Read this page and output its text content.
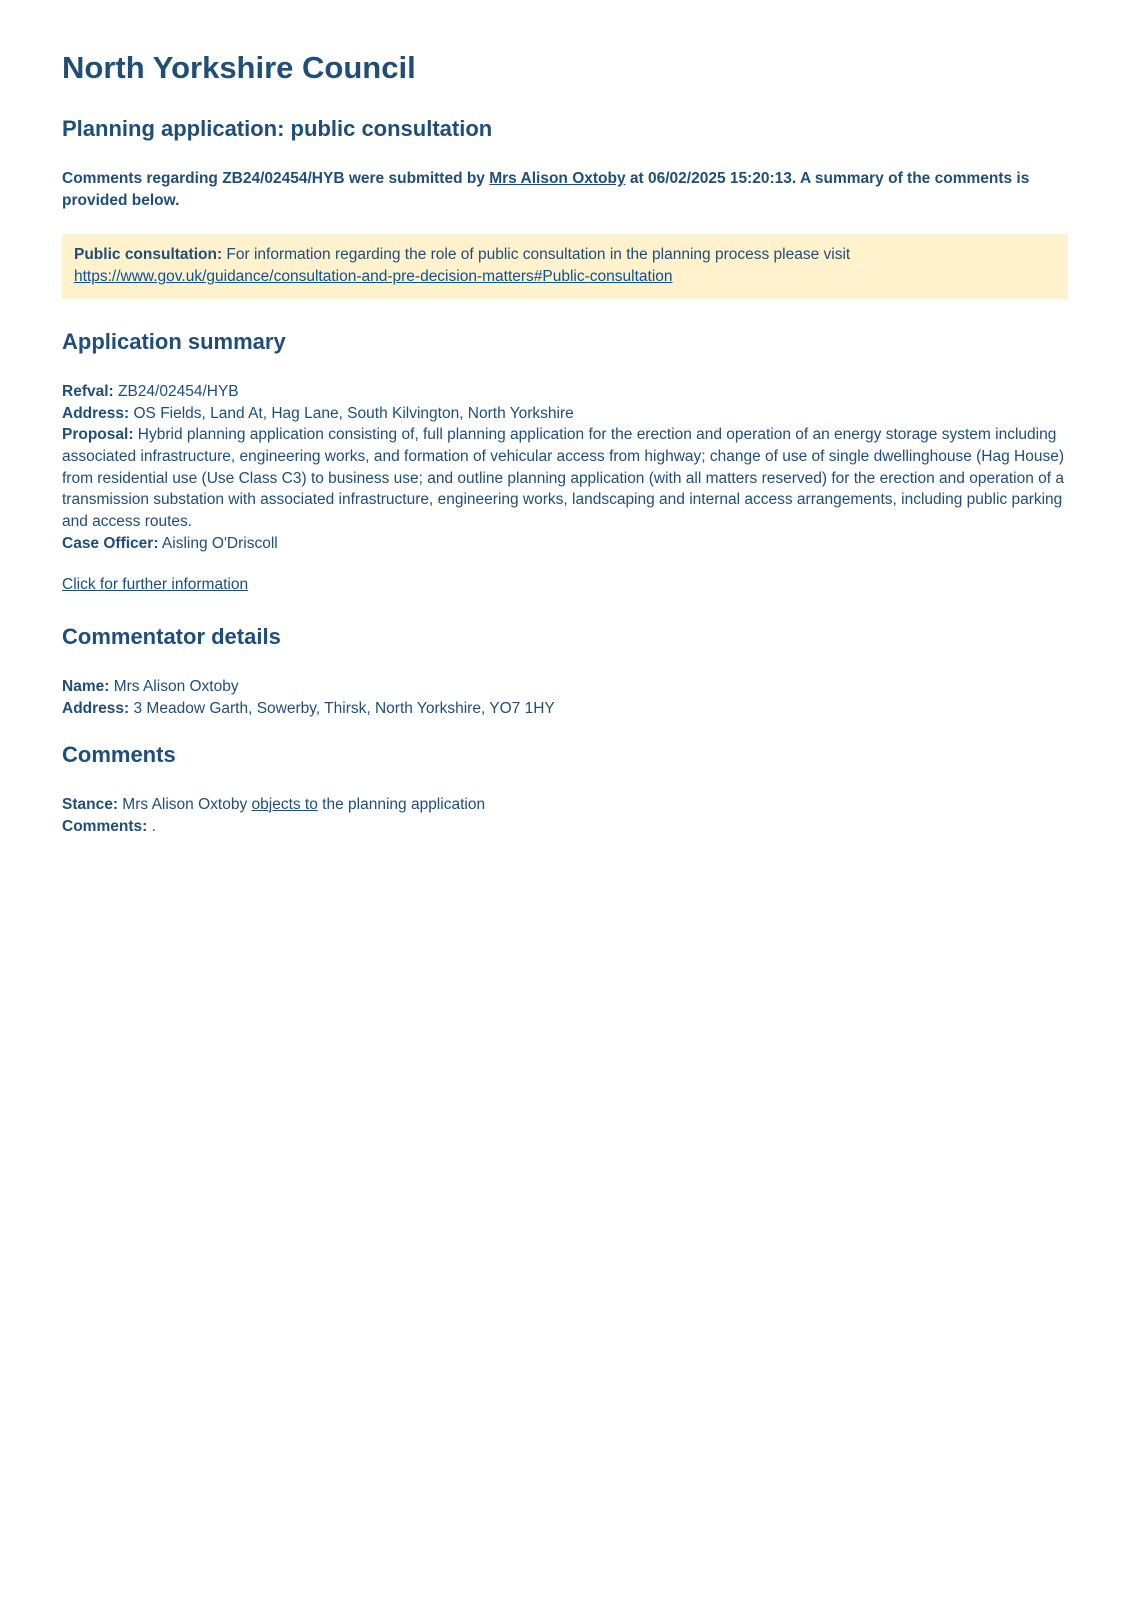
North Yorkshire Council
Planning application: public consultation

Comments regarding ZB24/02454/HYB were submitted by Mrs Alison Oxtoby at 06/02/2025 15:20:13. A summary of the comments is provided below.

Public consultation: For information regarding the role of public consultation in the planning process please visit https://www.gov.uk/guidance/consultation-and-pre-decision-matters#Public-consultation
Application summary
Refval: ZB24/02454/HYB
Address: OS Fields, Land At, Hag Lane, South Kilvington, North Yorkshire
Proposal: Hybrid planning application consisting of, full planning application for the erection and operation of an energy storage system including associated infrastructure, engineering works, and formation of vehicular access from highway; change of use of single dwellinghouse (Hag House) from residential use (Use Class C3) to business use; and outline planning application (with all matters reserved) for the erection and operation of a transmission substation with associated infrastructure, engineering works, landscaping and internal access arrangements, including public parking and access routes.
Case Officer: Aisling O'Driscoll

Click for further information

Commentator details
Name: Mrs Alison Oxtoby
Address: 3 Meadow Garth, Sowerby, Thirsk, North Yorkshire, YO7 1HY
Comments
Stance: Mrs Alison Oxtoby objects to the planning application
Comments: .
